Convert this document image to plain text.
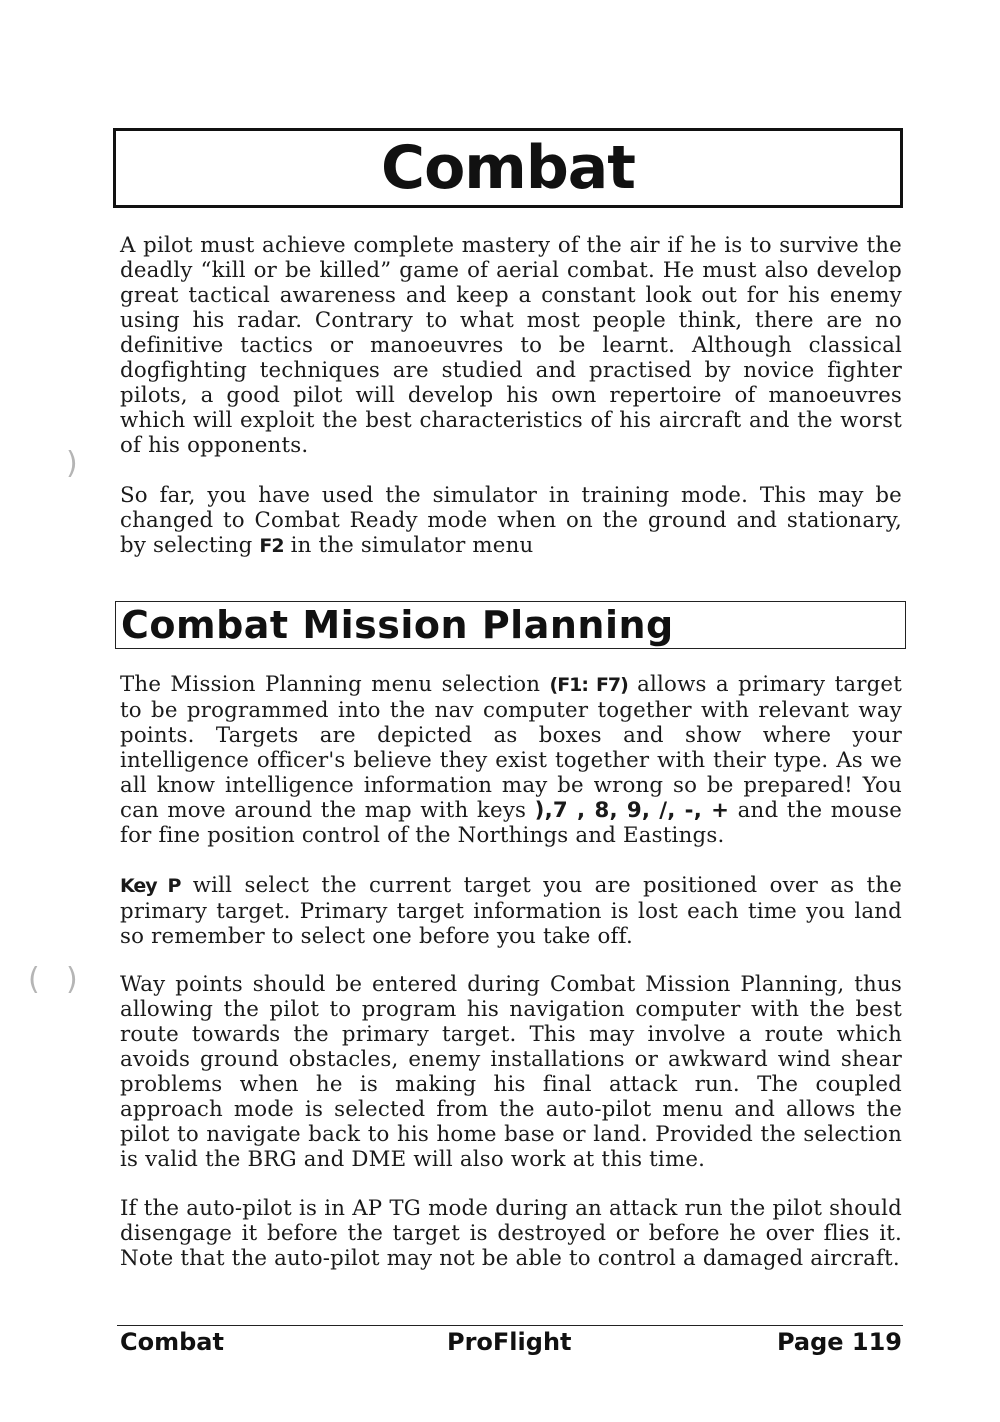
Combat

A pilot must achieve complete mastery of the air if he is to survive the deadly “kill or be killed” game of aerial combat. He must also develop great tactical awareness and keep a constant look out for his enemy using his radar. Contrary to what most people think, there are no definitive tactics or manoeuvres to be learnt. Although classical dogfighting techniques are studied and practised by novice fighter pilots, a good pilot will develop his own repertoire of manoeuvres which will exploit the best characteristics of his aircraft and the worst of his opponents.

So far, you have used the simulator in training mode. This may be changed to Combat Ready mode when on the ground and stationary, by selecting F2 in the simulator menu

Combat Mission Planning

The Mission Planning menu selection (F1: F7) allows a primary target to be programmed into the nav computer together with relevant way points. Targets are depicted as boxes and show where your intelligence officer's believe they exist together with their type. As we all know intelligence information may be wrong so be prepared! You can move around the map with keys ),7 , 8, 9, /, -, + and the mouse for fine position control of the Northings and Eastings.

Key P will select the current target you are positioned over as the primary target. Primary target information is lost each time you land so remember to select one before you take off.

Way points should be entered during Combat Mission Planning, thus allowing the pilot to program his navigation computer with the best route towards the primary target. This may involve a route which avoids ground obstacles, enemy installations or awkward wind shear problems when he is making his final attack run. The coupled approach mode is selected from the auto-pilot menu and allows the pilot to navigate back to his home base or land. Provided the selection is valid the BRG and DME will also work at this time.

If the auto-pilot is in AP TG mode during an attack run the pilot should disengage it before the target is destroyed or before he over flies it. Note that the auto-pilot may not be able to control a damaged aircraft.

)
( )
Combat	ProFlight	Page 119
